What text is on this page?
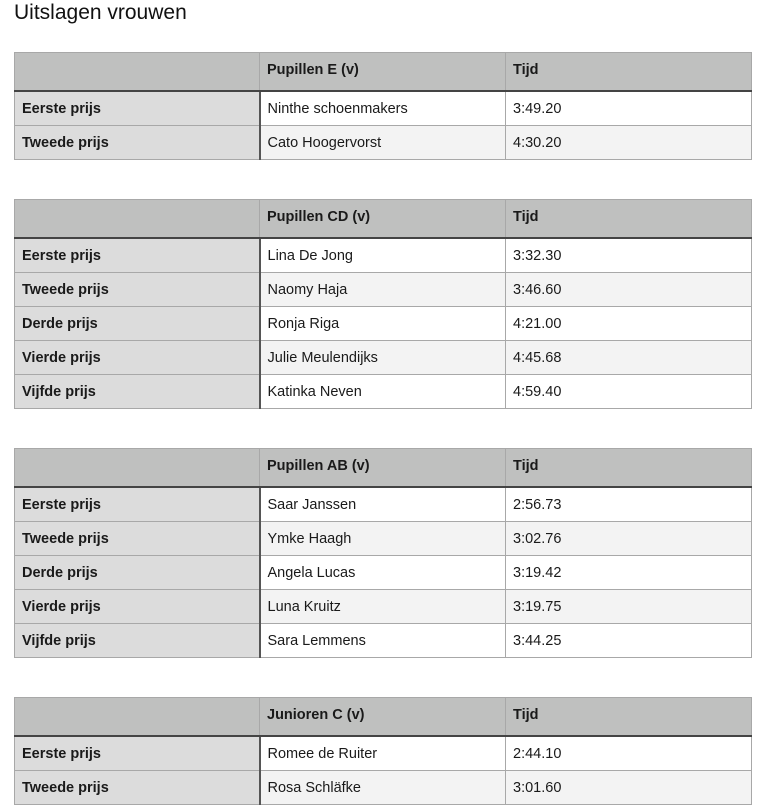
Uitslagen vrouwen
	Pupillen E (v)	Tijd
Eerste prijs	Ninthe schoenmakers	3:49.20
Tweede prijs	Cato Hoogervorst	4:30.20
	Pupillen CD (v)	Tijd
Eerste prijs	Lina De Jong	3:32.30
Tweede prijs	Naomy Haja	3:46.60
Derde prijs	Ronja Riga	4:21.00
Vierde prijs	Julie Meulendijks	4:45.68
Vijfde prijs	Katinka Neven	4:59.40
	Pupillen AB (v)	Tijd
Eerste prijs	Saar Janssen	2:56.73
Tweede prijs	Ymke Haagh	3:02.76
Derde prijs	Angela Lucas	3:19.42
Vierde prijs	Luna Kruitz	3:19.75
Vijfde prijs	Sara Lemmens	3:44.25
	Junioren C (v)	Tijd
Eerste prijs	Romee de Ruiter	2:44.10
Tweede prijs	Rosa Schläfke	3:01.60
